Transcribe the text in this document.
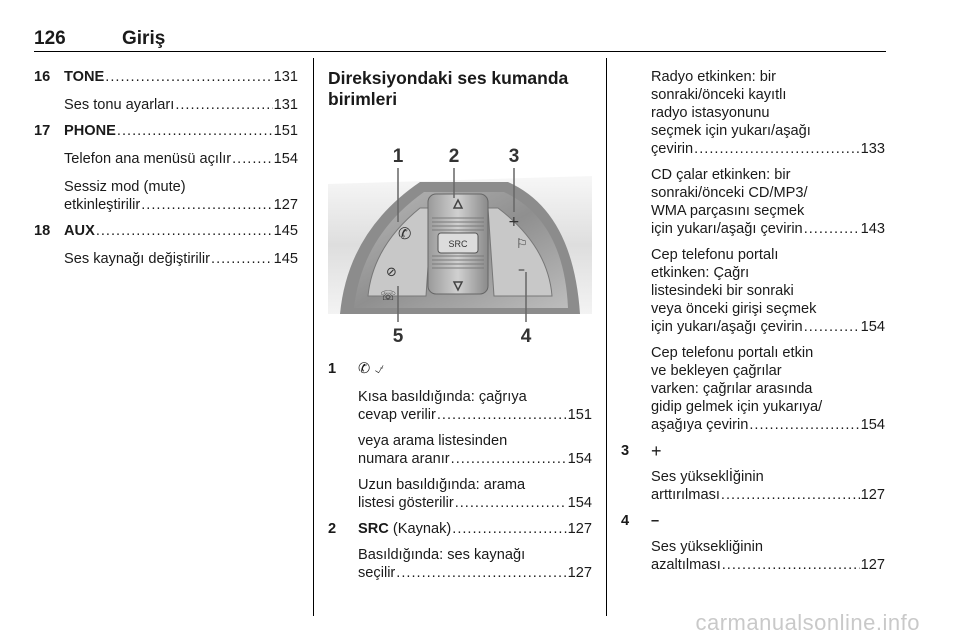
126	Giriş
16 TONE .....	131
Ses tonu ayarları .....	131
17 PHONE .....	151
Telefon ana menüsü açılır .....	154
Sessiz mod (mute)
etkinleştirilir .....	127
18 AUX .....	145
Ses kaynağı değiştirilir .....	145
Direksiyondaki ses kumanda
birimleri
SRC
✆
⊘
☏
+
⚐
–
1 2	3
4
5
1 ✆ ⍻
Kısa basıldığında: çağrıya
cevap verilir .....	151
veya arama listesinden
numara aranır .....	154
Uzun basıldığında: arama
listesi gösterilir .....	154
2 SRC (Kaynak) .....	127
Basıldığında: ses kaynağı
seçilir .....	127
Radyo etkinken: bir
sonraki/önceki kayıtlı
radyo istasyonunu
seçmek için yukarı/aşağı
çevirin .....	133
CD çalar etkinken: bir
sonraki/önceki CD/MP3/
WMA parçasını seçmek
için yukarı/aşağı çevirin .....	143
Cep telefonu portalı
etkinken: Çağrı
listesindeki bir sonraki
veya önceki girişi seçmek
için yukarı/aşağı çevirin .....	154
Cep telefonu portalı etkin
ve bekleyen çağrılar
varken: çağrılar arasında
gidip gelmek için yukarıya/
aşağıya çevirin .....	154
3 +
Ses yükseklİğinin
arttırılması .....	127
4 –
Ses yüksekliğinin
azaltılması .....	127
carmanualsonline.info
